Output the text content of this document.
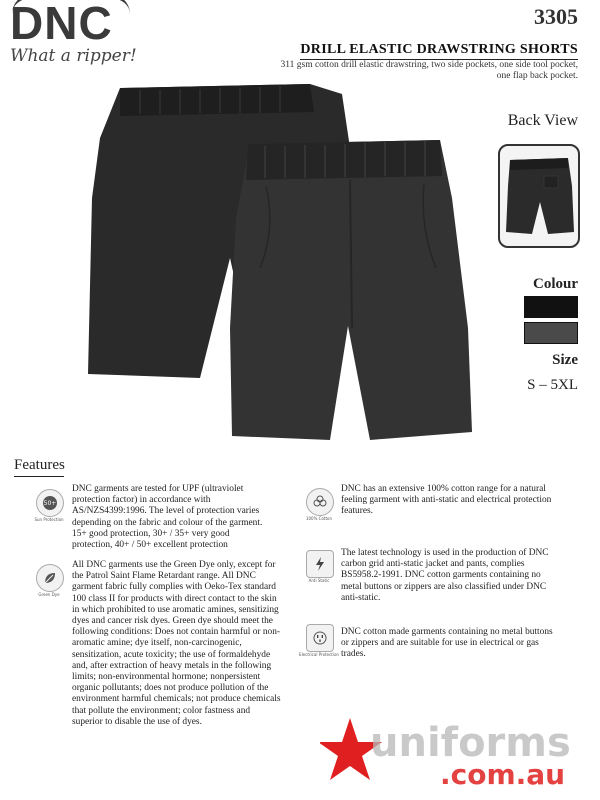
DNC
What a ripper!
3305
DRILL ELASTIC DRAWSTRING SHORTS
311 gsm cotton drill elastic drawstring, two side pockets, one side tool pocket, one flap back pocket.
Back View
Colour
Size
S – 5XL
Features
50+
Sun Protection
DNC garments are tested for UPF (ultraviolet protection factor) in accordance with AS/NZS4399:1996. The level of protection varies depending on the fabric and colour of the garment. 15+ good protection, 30+ / 35+ very good protection, 40+ / 50+ excellent protection
Green Dye
All DNC garments use the Green Dye only, except for the Patrol Saint Flame Retardant range. All DNC garment fabric fully complies with Oeko-Tex standard 100 class II for products with direct contact to the skin in which prohibited to use aromatic amines, sensitizing dyes and cancer risk dyes. Green dye should meet the following conditions: Does not contain harmful or non-aromatic amine; dye itself, non-carcinogenic, sensitization, acute toxicity; the use of formaldehyde and, after extraction of heavy metals in the following limits; non-environmental hormone; nonpersistent organic pollutants; does not produce pollution of the environment harmful chemicals; not produce chemicals that pollute the environment; color fastness and superior to disable the use of dyes.
100% Cotton
DNC has an extensive 100% cotton range for a natural feeling garment with anti-static and electrical protection features.
Anti Static
The latest technology is used in the production of DNC carbon grid anti-static jacket and pants, complies BS5958.2-1991. DNC cotton garments containing no metal buttons or zippers are also classified under DNC anti-static.
Electrical Protection
DNC cotton made garments containing no metal buttons or zippers and are suitable for use in electrical or gas trades.
uniforms
.com.au
